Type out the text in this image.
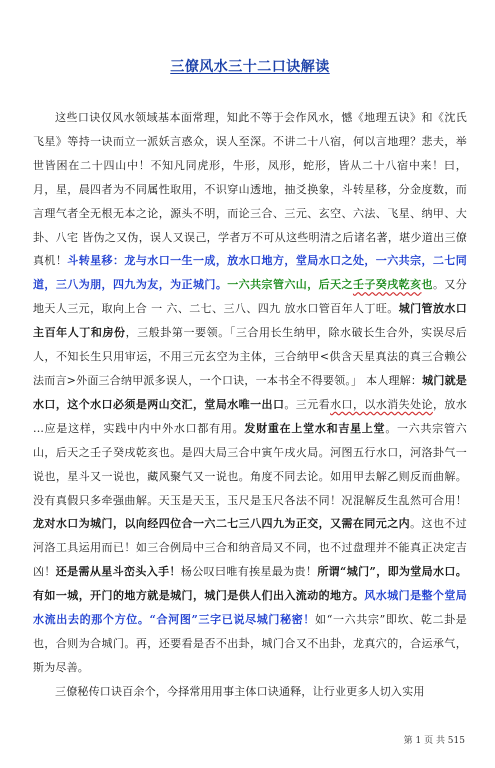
三僚风水三十二口诀解读

这些口诀仅风水领域基本面常理，知此不等于会作风水，憾《地理五诀》和《沈氏飞星》等持一诀而立一派妖言惑众，误人至深。不讲二十八宿，何以言地理？悲夫，举世皆困在二十四山中！不知凡同虎形，牛形，凤形，蛇形，皆从二十八宿中来！曰，月，星，晨四者为不同属性取用，不识穿山透地，抽爻换象，斗转星移，分金度数，而言理气者全无根无本之论，源头不明，而论三合、三元、玄空、六法、飞星、纳甲、大卦、八宅 皆伪之又伪，误人又误己，学者万不可从这些明清之后诸名著，堪少道出三僚真机！斗转星移：龙与水口一生一成，放水口地方，堂局水口之处，一六共宗，二七同道，三八为朋，四九为友，为正城门。一六共宗管六山，后天之壬子癸戌乾亥也。又分地天人三元，取向上合 一 六、二七、三八、四九 放水口管百年人丁旺。城门管放水口主百年人丁和房份，三般卦第一要领。「三合用长生纳甲，除水破长生合外，实误尽后人，不知长生只用审运，不用三元玄空为主体，三合纳甲<供含天星真法的真三合赖公法而言>外面三合纳甲派多误人，一个口诀，一本书全不得要领。」 本人理解：城门就是水口，这个水口必须是两山交汇，堂局水唯一出口。三元看水口，以水消失处论，放水 ...应是这样，实践中内中外水口都有用。发财重在上堂水和吉星上堂。一六共宗管六山，后天之壬子癸戌乾亥也。是四大局三合中寅午戌火局。河图五行水口，河洛卦气一说也，星斗又一说也，藏风聚气又一说也。角度不同去论。如用甲去解乙则反而曲解。没有真假只多牵强曲解。天玉是天玉，玉尺是玉尺各法不同！况混解反生乱然可合用！龙对水口为城门，以向经四位合一六二七三八四九为正交，又需在同元之内。这也不过河洛工具运用而已！如三合例局中三合和纳音局又不同，也不过盘理并不能真正决定吉凶！还是需从星斗峦头入手！杨公叹曰唯有挨星最为贵！所谓“城门”，即为堂局水口。有如一城，开门的地方就是城门，城门是供人们出入流动的地方。风水城门是整个堂局水流出去的那个方位。“合河图”三字已说尽城门秘密！如“一六共宗”即坎、乾二卦是也，合则为合城门。再，还要看是否不出卦，城门合又不出卦，龙真穴的，合运承气，斯为尽善。

三僚秘传口诀百余个，今择常用用事主体口诀通释，让行业更多人切入实用

第 1 页 共 515
